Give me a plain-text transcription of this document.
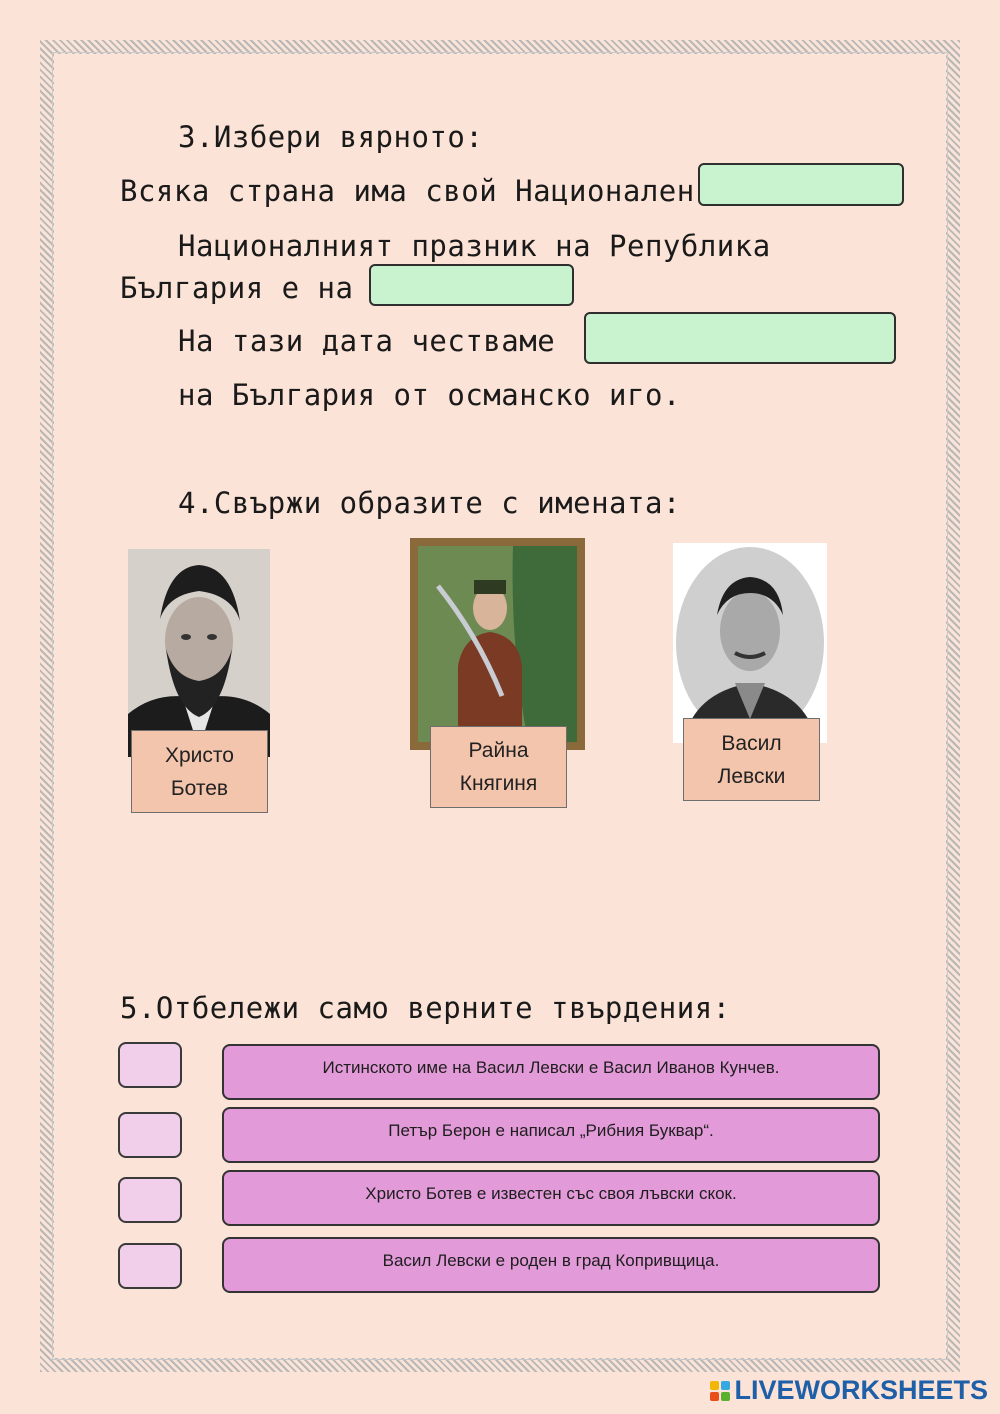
3.Избери вярното:
Всяка страна има свой Национален
Националният празник на Република
България е на
На тази дата честваме
на България от османско иго.
4.Свържи образите с имената:
Христо
Ботев
Райна
Княгиня
Васил
Левски
5.Отбележи само верните твърдения:
Истинското име на Васил Левски е Васил Иванов Кунчев.
Петър Берон е написал „Рибния Буквар“.
Христо Ботев е известен със своя лъвски скок.
Васил Левски е роден в град Копривщица.
LIVEWORKSHEETS
